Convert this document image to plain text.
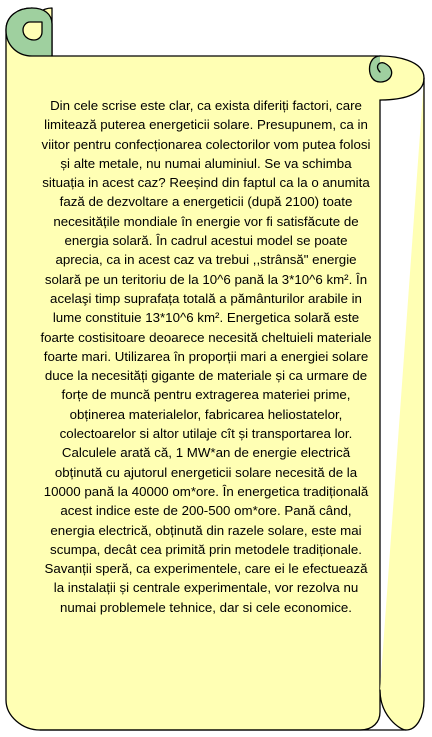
Din cele scrise este clar, ca exista diferiți factori, care limitează puterea energeticii solare. Presupunem, ca in viitor pentru confecționarea colectorilor vom putea folosi și alte metale, nu numai aluminiul. Se va schimba situația in acest caz? Reeșind din faptul ca la o anumita fază de dezvoltare a energeticii (după 2100) toate necesitățile mondiale în energie vor fi satisfăcute de energia solară. În cadrul acestui model se poate aprecia, ca in acest caz va trebui ,,strânsă" energie solară pe un teritoriu de la 10^6 pană la 3*10^6 km². În acelaşi timp suprafața totală a pământurilor arabile in lume constituie 13*10^6 km². Energetica solară este foarte costisitoare deoarece necesită cheltuieli materiale foarte mari. Utilizarea în proporții mari a energiei solare duce la necesități gigante de materiale și ca urmare de forțe de muncă pentru extragerea materiei prime, obținerea materialelor, fabricarea heliostatelor, colectoarelor si altor utilaje cît și transportarea lor. Calculele arată că, 1 MW*an de energie electrică obținută cu ajutorul energeticii solare necesită de la 10000 pană la 40000 om*ore. În energetica tradițională acest indice este de 200-500 om*ore. Pană când, energia electrică, obținută din razele solare, este mai scumpa, decât cea primită prin metodele tradiționale. Savanții speră, ca experimentele, care ei le efectuează la instalații și centrale experimentale, vor rezolva nu numai problemele tehnice, dar si cele economice.
